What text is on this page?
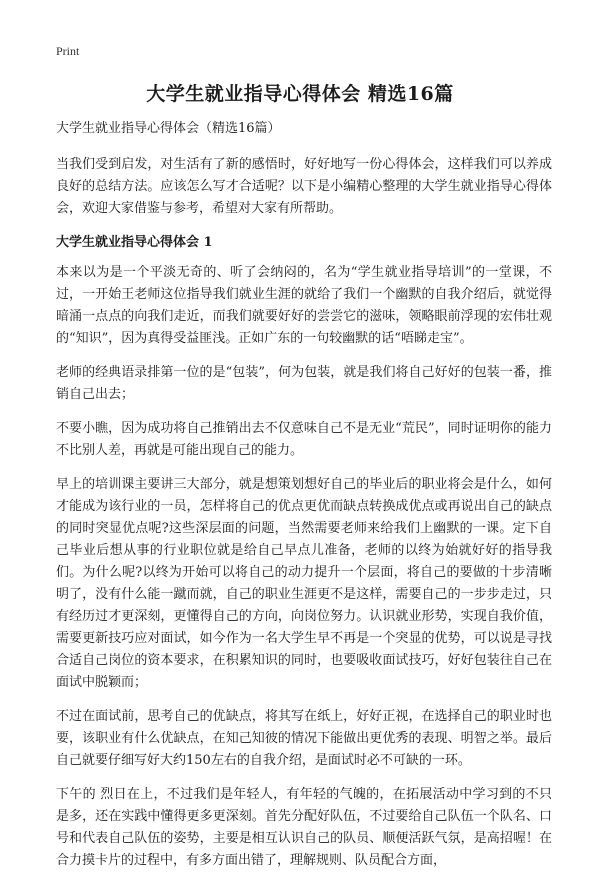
Print
大学生就业指导心得体会 精选16篇

大学生就业指导心得体会（精选16篇）

当我们受到启发，对生活有了新的感悟时，好好地写一份心得体会，这样我们可以养成良好的总结方法。应该怎么写才合适呢？以下是小编精心整理的大学生就业指导心得体会，欢迎大家借鉴与参考，希望对大家有所帮助。

大学生就业指导心得体会 1

本来以为是一个平淡无奇的、听了会纳闷的，名为“学生就业指导培训”的一堂课，不过，一开始王老师这位指导我们就业生涯的就给了我们一个幽默的自我介绍后，就觉得暗涌一点点的向我们走近，而我们就要好好的尝尝它的滋味，领略眼前浮现的宏伟壮观的“知识”，因为真得受益匪浅。正如广东的一句较幽默的话“唔睇走宝”。

老师的经典语录排第一位的是“包装”，何为包装，就是我们将自己好好的包装一番，推销自己出去；

不要小瞧，因为成功将自己推销出去不仅意味自己不是无业“荒民”，同时证明你的能力不比别人差，再就是可能出现自己的能力。

早上的培训课主要讲三大部分，就是想策划想好自己的毕业后的职业将会是什么，如何才能成为该行业的一员，怎样将自己的优点更优而缺点转换成优点或再说出自己的缺点的同时突显优点呢?这些深层面的问题，当然需要老师来给我们上幽默的一课。定下自己毕业后想从事的行业职位就是给自己早点儿准备，老师的以终为始就好好的指导我们。为什么呢?以终为开始可以将自己的动力提升一个层面，将自己的要做的十步清晰明了，没有什么能一蹴而就，自己的职业生涯更不是这样，需要自己的一步步走过，只有经历过才更深刻，更懂得自己的方向，向岗位努力。认识就业形势，实现自我价值，需要更新技巧应对面试，如今作为一名大学生早不再是一个突显的优势，可以说是寻找合适自己岗位的资本要求，在积累知识的同时，也要吸收面试技巧，好好包装往自己在面试中脱颖而；

不过在面试前，思考自己的优缺点，将其写在纸上，好好正视，在选择自己的职业时也要，该职业有什么优缺点，在知己知彼的情况下能做出更优秀的表现、明智之举。最后自己就要仔细写好大约150左右的自我介绍，是面试时必不可缺的一环。

下午的 烈日在上，不过我们是年轻人，有年轻的气魄的，在拓展活动中学习到的不只是多，还在实践中懂得更多更深刻。首先分配好队伍，不过要给自己队伍一个队名、口号和代表自己队伍的姿势，主要是相互认识自己的队员、顺便活跃气氛，是高招喔！在合力摸卡片的过程中，有多方面出错了，理解规则、队员配合方面，
